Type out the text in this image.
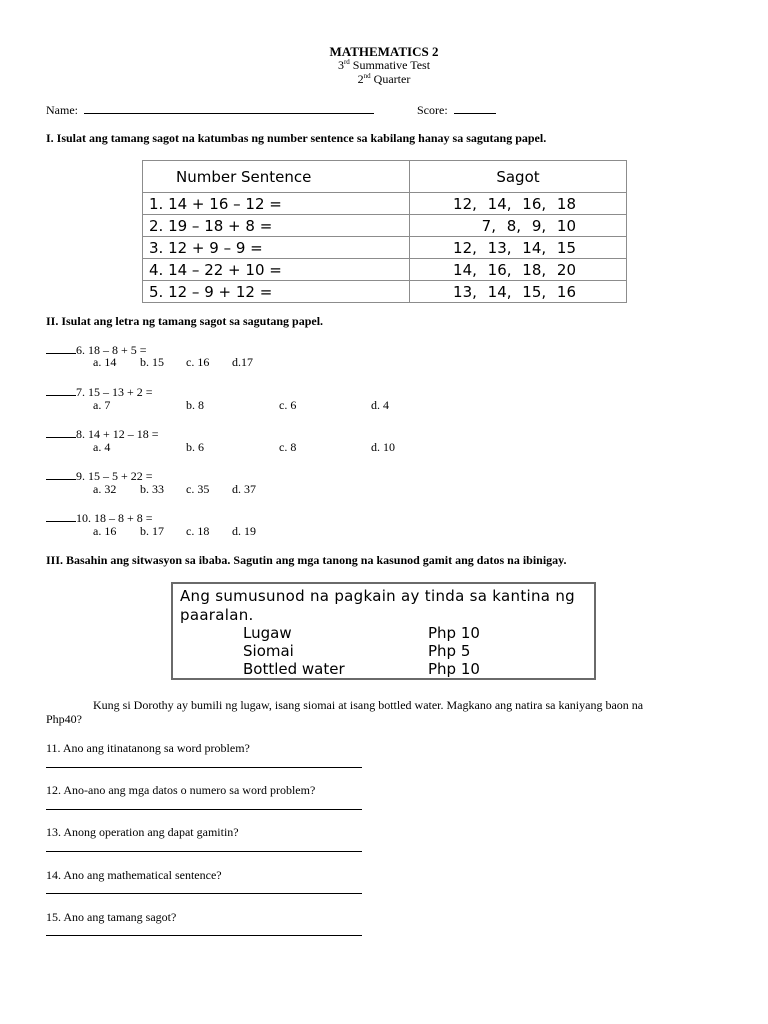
MATHEMATICS 2
3rd Summative Test
2nd Quarter
Name:	Score:
I. Isulat ang tamang sagot na katumbas ng number sentence sa kabilang hanay sa sagutang papel.
Number Sentence	Sagot
1. 14 + 16 – 12 =	12, 14, 16, 18
2. 19 – 18 + 8 =	7, 8, 9, 10
3. 12 + 9 – 9 =	12, 13, 14, 15
4. 14 – 22 + 10 =	14, 16, 18, 20
5. 12 – 9 + 12 =	13, 14, 15, 16
II. Isulat ang letra ng tamang sagot sa sagutang papel.
6. 18 – 8 + 5 =
a. 14 b. 15 c. 16 d.17
7. 15 – 13 + 2 =
a. 7	b. 8	c. 6	d. 4
8. 14 + 12 – 18 =
a. 4	b. 6	c. 8	d. 10
9. 15 – 5 + 22 =
a. 32 b. 33 c. 35 d. 37
10. 18 – 8 + 8 =
a. 16 b. 17 c. 18 d. 19
III. Basahin ang sitwasyon sa ibaba. Sagutin ang mga tanong na kasunod gamit ang datos na ibinigay.
Ang sumusunod na pagkain ay tinda sa kantina ng paaralan.
Lugaw	Php 10
Siomai	Php 5
Bottled water	Php 10
Kung si Dorothy ay bumili ng lugaw, isang siomai at isang bottled water. Magkano ang natira sa kaniyang baon na
Php40?
11. Ano ang itinatanong sa word problem?
12. Ano-ano ang mga datos o numero sa word problem?
13. Anong operation ang dapat gamitin?
14. Ano ang mathematical sentence?
15. Ano ang tamang sagot?
